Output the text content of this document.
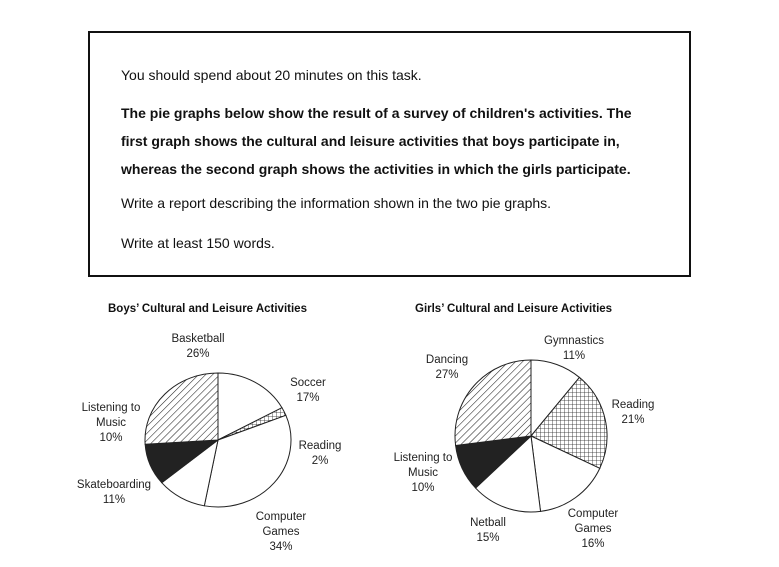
You should spend about 20 minutes on this task.

The pie graphs below show the result of a survey of children's activities. The

first graph shows the cultural and leisure activities that boys participate in,

whereas the second graph shows the activities in which the girls participate.

Write a report describing the information shown in the two pie graphs.

Write at least 150 words.

Boys’ Cultural and Leisure Activities	Girls’ Cultural and Leisure Activities
Soccer 17%
Reading 2%
Computer Games 34%
Skateboarding 11%
Listening to Music 10%
Basketball 26%
Gymnastics 11%
Reading 21%
Computer Games 16%
Netball 15%
Listening to Music 10%
Dancing 27%
